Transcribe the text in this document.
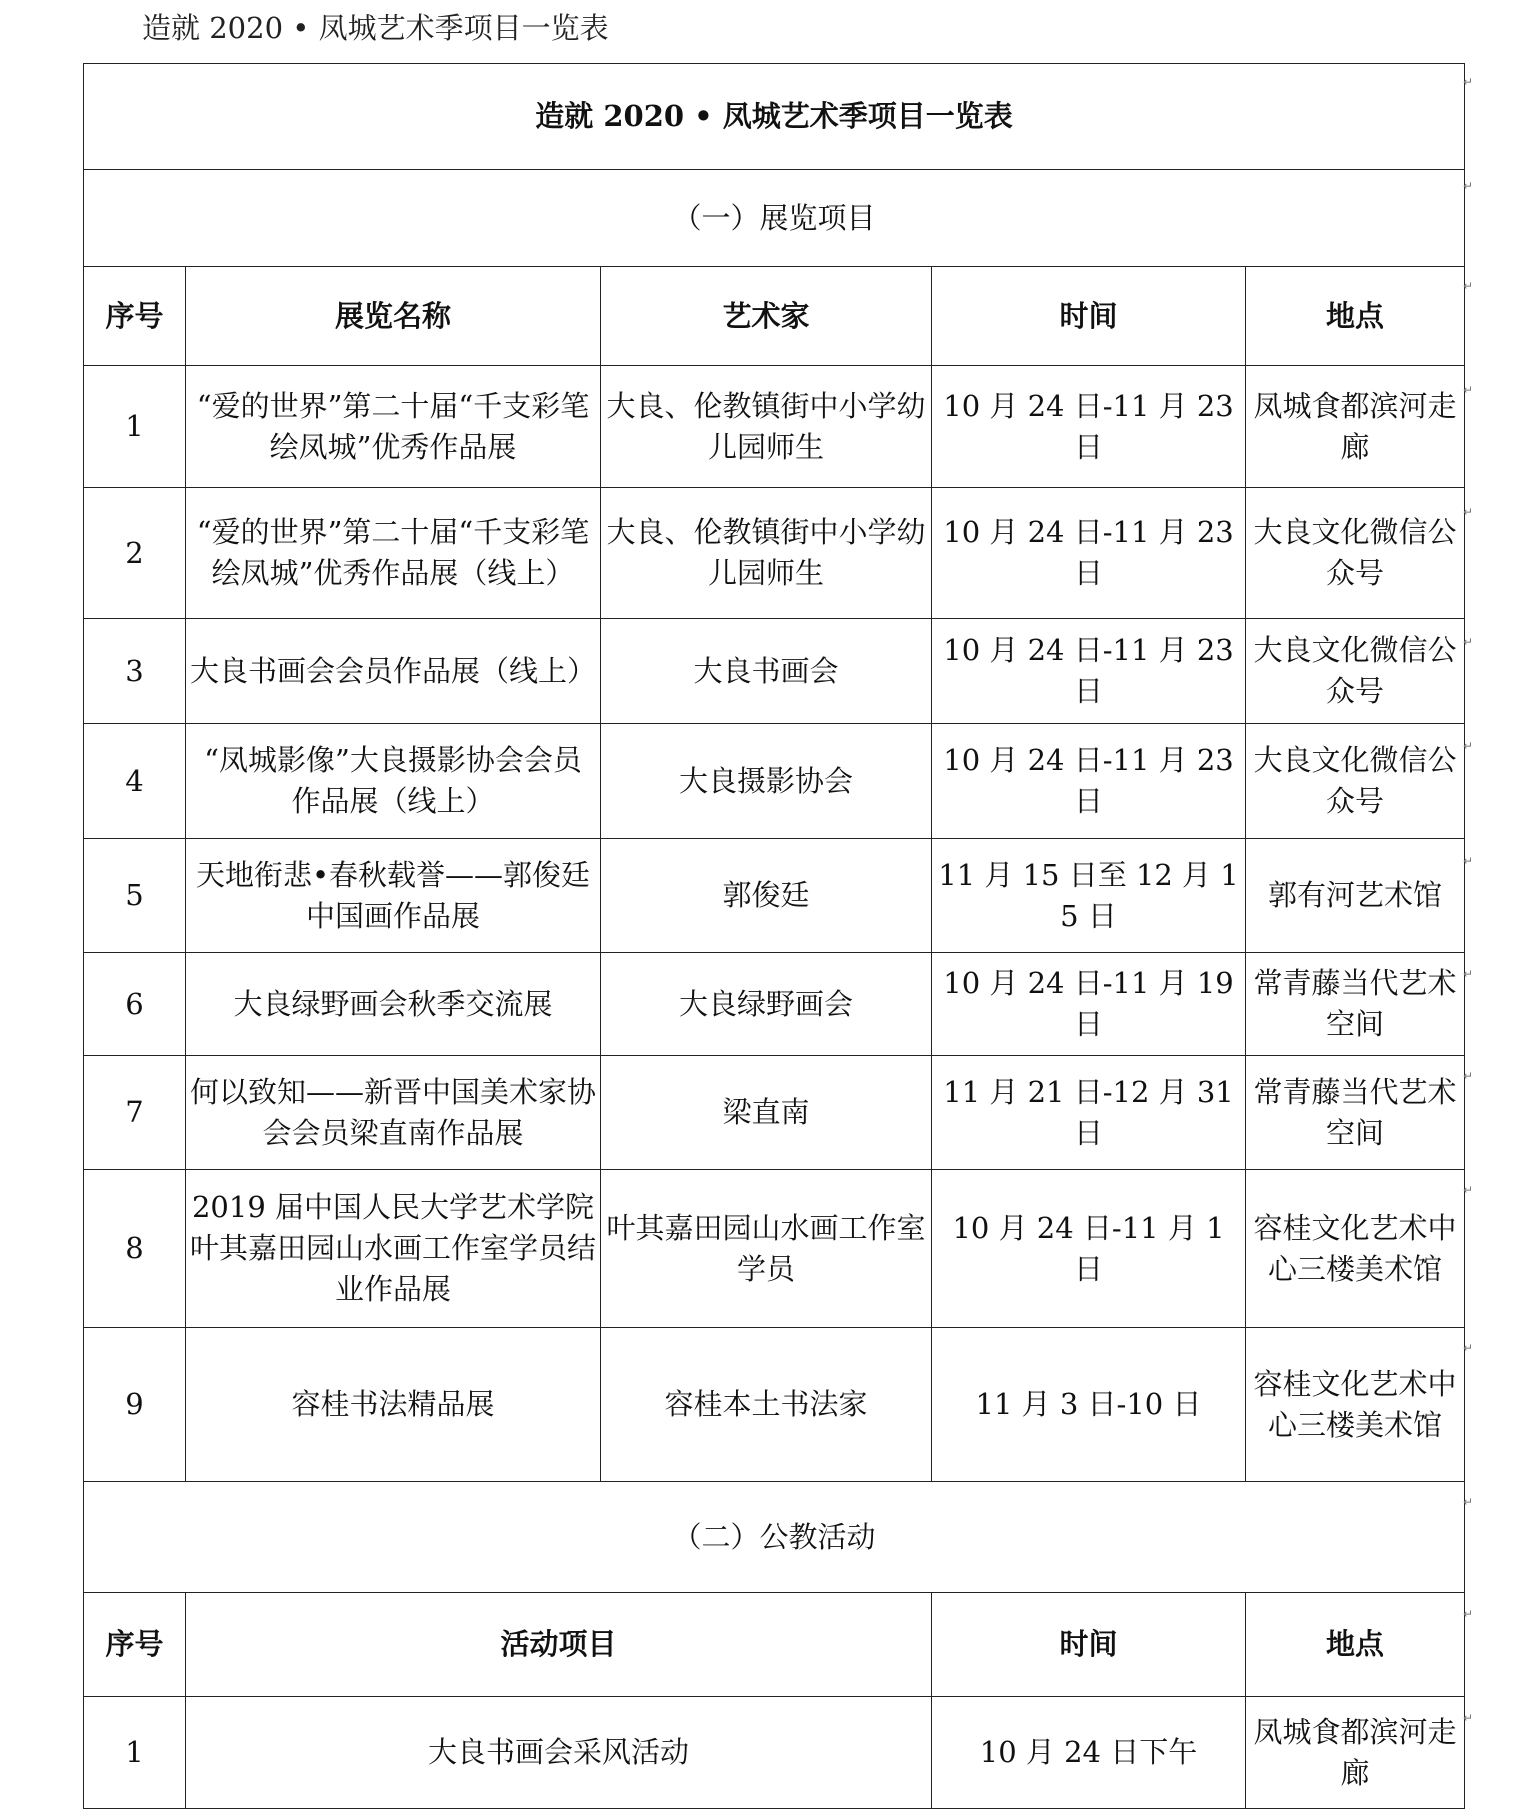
造就 2020 • 凤城艺术季项目一览表
造就 2020 • 凤城艺术季项目一览表				
（一）展览项目				
序号	展览名称	艺术家	时间	地点
1	“爱的世界”第二十届“千支彩笔绘凤城”优秀作品展	大良、伦教镇街中小学幼儿园师生	10 月 24 日-11 月 23 日	凤城食都滨河走廊
2	“爱的世界”第二十届“千支彩笔绘凤城”优秀作品展（线上）	大良、伦教镇街中小学幼儿园师生	10 月 24 日-11 月 23 日	大良文化微信公众号
3	大良书画会会员作品展（线上）	大良书画会	10 月 24 日-11 月 23 日	大良文化微信公众号
4	“凤城影像”大良摄影协会会员作品展（线上）	大良摄影协会	10 月 24 日-11 月 23 日	大良文化微信公众号
5	天地衔悲•春秋载誉——郭俊廷中国画作品展	郭俊廷	11 月 15 日至 12 月 15 日	郭有河艺术馆
6	大良绿野画会秋季交流展	大良绿野画会	10 月 24 日-11 月 19 日	常青藤当代艺术空间
7	何以致知——新晋中国美术家协会会员梁直南作品展	梁直南	11 月 21 日-12 月 31 日	常青藤当代艺术空间
8	2019 届中国人民大学艺术学院叶其嘉田园山水画工作室学员结业作品展	叶其嘉田园山水画工作室学员	10 月 24 日-11 月 1 日	容桂文化艺术中心三楼美术馆
9	容桂书法精品展	容桂本土书法家	11 月 3 日-10 日	容桂文化艺术中心三楼美术馆
（二）公教活动				
序号	活动项目		时间	地点
1	大良书画会采风活动		10 月 24 日下午	凤城食都滨河走廊
↵
↵
↵
↵
↵
↵
↵
↵
↵
↵
↵
↵
↵
↵
↵
